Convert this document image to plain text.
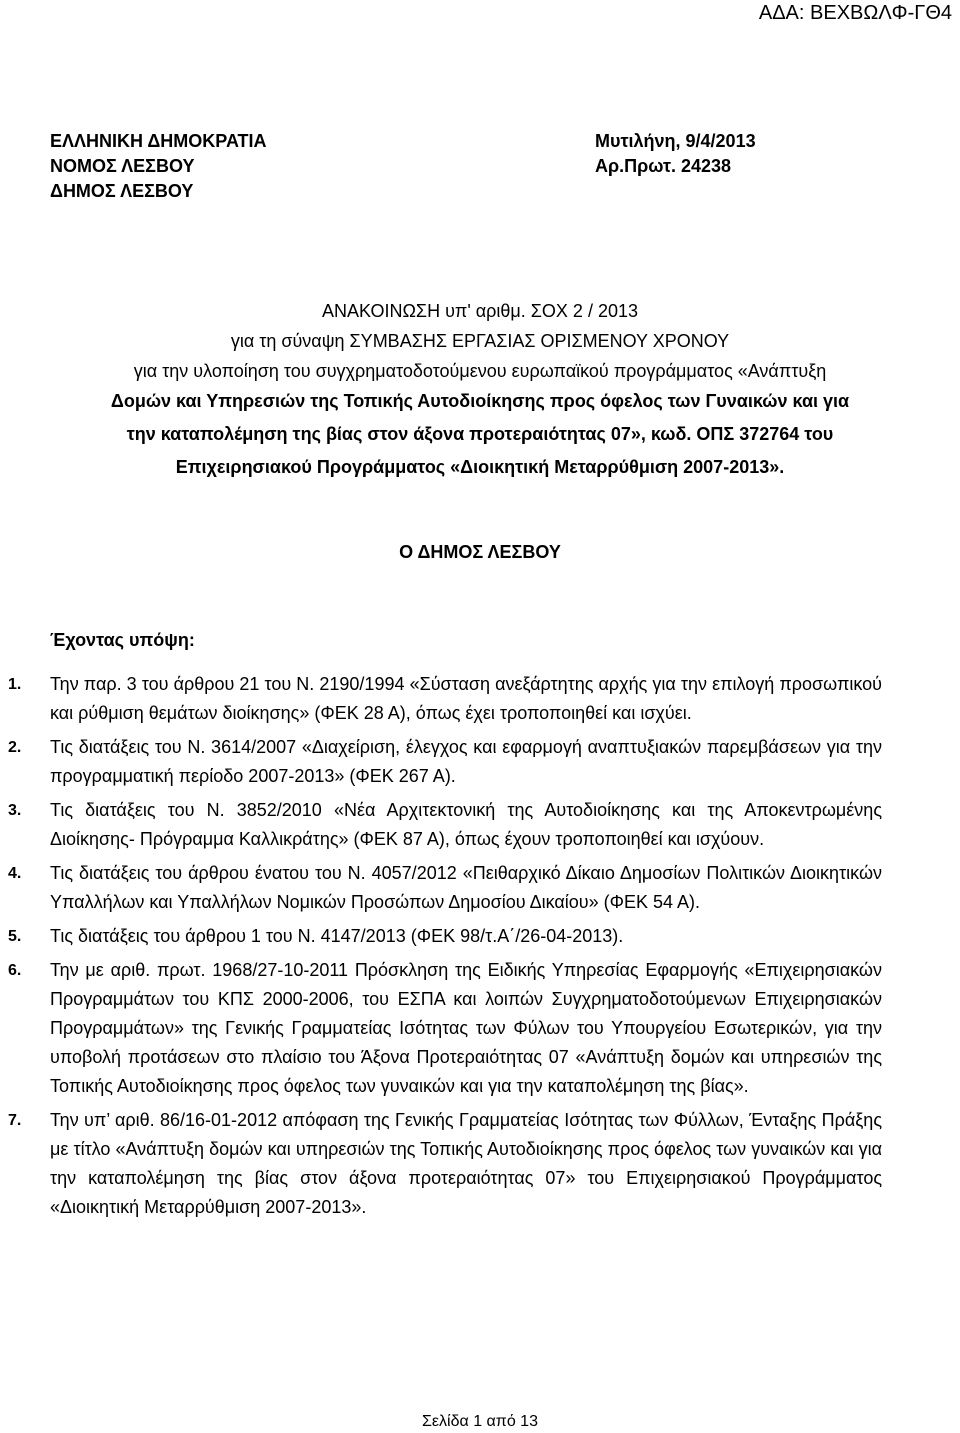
ΑΔΑ: ΒΕΧΒΩΛΦ-ΓΘ4
ΕΛΛΗΝΙΚΗ ΔΗΜΟΚΡΑΤΙΑ
ΝΟΜΟΣ ΛΕΣΒΟΥ
ΔΗΜΟΣ ΛΕΣΒΟΥ
Μυτιλήνη, 9/4/2013
Αρ.Πρωτ. 24238
ΑΝΑΚΟΙΝΩΣΗ υπ' αριθμ. ΣΟΧ 2 / 2013
για τη σύναψη ΣΥΜΒΑΣΗΣ ΕΡΓΑΣΙΑΣ ΟΡΙΣΜΕΝΟΥ ΧΡΟΝΟΥ
για την υλοποίηση του συγχρηματοδοτούμενου ευρωπαϊκού προγράμματος «Ανάπτυξη
Δομών και Υπηρεσιών της Τοπικής Αυτοδιοίκησης προς όφελος των Γυναικών και για
την καταπολέμηση της βίας στον άξονα προτεραιότητας 07», κωδ. ΟΠΣ 372764 του
Επιχειρησιακού Προγράμματος «Διοικητική Μεταρρύθμιση 2007-2013».
Ο ΔΗΜΟΣ ΛΕΣΒΟΥ
Έχοντας υπόψη:
1. Την παρ. 3 του άρθρου 21 του Ν. 2190/1994 «Σύσταση ανεξάρτητης αρχής για την επιλογή προσωπικού και ρύθμιση θεμάτων διοίκησης» (ΦΕΚ 28 Α), όπως έχει τροποποιηθεί και ισχύει.
2. Τις διατάξεις του Ν. 3614/2007 «Διαχείριση, έλεγχος και εφαρμογή αναπτυξιακών παρεμβάσεων για την προγραμματική περίοδο 2007-2013» (ΦΕΚ 267 Α).
3. Τις διατάξεις του Ν. 3852/2010 «Νέα Αρχιτεκτονική της Αυτοδιοίκησης και της Αποκεντρωμένης Διοίκησης- Πρόγραμμα Καλλικράτης» (ΦΕΚ 87 Α), όπως έχουν τροποποιηθεί και ισχύουν.
4. Τις διατάξεις του άρθρου ένατου του Ν. 4057/2012 «Πειθαρχικό Δίκαιο Δημοσίων Πολιτικών Διοικητικών Υπαλλήλων και Υπαλλήλων Νομικών Προσώπων Δημοσίου Δικαίου» (ΦΕΚ 54 Α).
5. Τις διατάξεις του άρθρου 1 του Ν. 4147/2013 (ΦΕΚ 98/τ.Α΄/26-04-2013).
6. Την με αριθ. πρωτ. 1968/27-10-2011 Πρόσκληση της Ειδικής Υπηρεσίας Εφαρμογής «Επιχειρησιακών Προγραμμάτων του ΚΠΣ 2000-2006, του ΕΣΠΑ και λοιπών Συγχρηματοδοτούμενων Επιχειρησιακών Προγραμμάτων» της Γενικής Γραμματείας Ισότητας των Φύλων του Υπουργείου Εσωτερικών, για την υποβολή προτάσεων στο πλαίσιο του Άξονα Προτεραιότητας 07 «Ανάπτυξη δομών και υπηρεσιών της Τοπικής Αυτοδιοίκησης προς όφελος των γυναικών και για την καταπολέμηση της βίας».
7. Την υπ’ αριθ. 86/16-01-2012 απόφαση της Γενικής Γραμματείας Ισότητας των Φύλλων, Ένταξης Πράξης με τίτλο «Ανάπτυξη δομών και υπηρεσιών της Τοπικής Αυτοδιοίκησης προς όφελος των γυναικών και για την καταπολέμηση της βίας στον άξονα προτεραιότητας 07» του Επιχειρησιακού Προγράμματος «Διοικητική Μεταρρύθμιση 2007-2013».
Σελίδα 1 από 13
